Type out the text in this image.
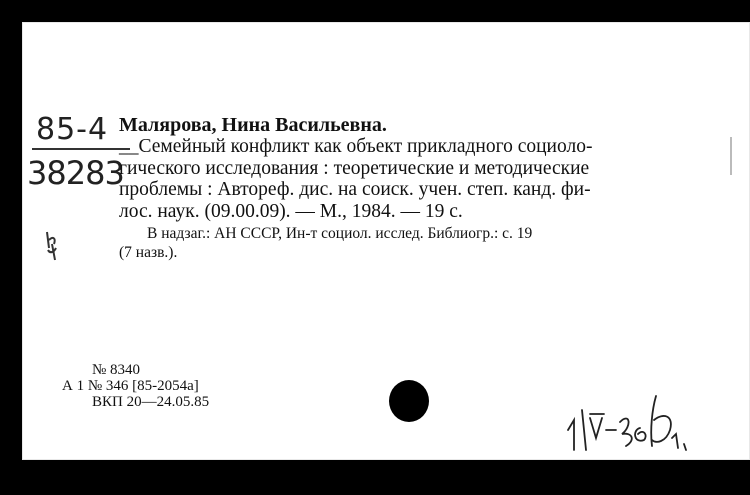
85-4
38283
Малярова, Нина Васильевна.
__Семейный конфликт как объект прикладного социоло-
гического исследования : теоретические и методические
проблемы : Автореф. дис. на соиск. учен. степ. канд. фи-
лос. наук. (09.00.09). — М., 1984. — 19 с.
В надзаг.: АН СССР, Ин-т социол. исслед. Библиогр.: с. 19
(7 назв.).
№ 8340
А 1 № 346 [85-2054а]
ВКП 20—24.05.85
